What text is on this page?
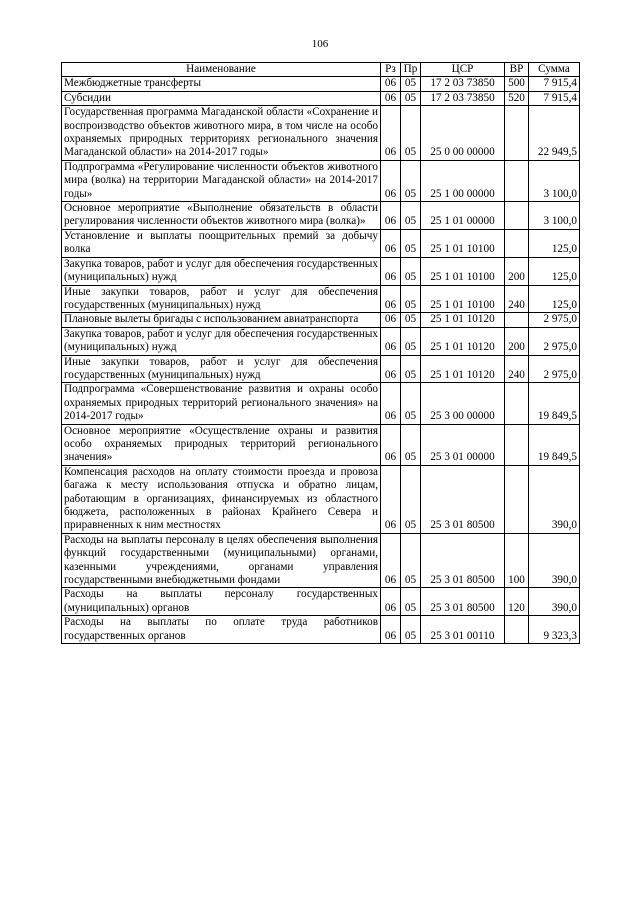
106
Наименование	Рз	Пр	ЦСР	ВР	Сумма
Межбюджетные трансферты	06	05	17 2 03 73850	500	7 915,4
Субсидии	06	05	17 2 03 73850	520	7 915,4
Государственная программа Магаданской области «Сохранение и воспроизводство объектов животного мира, в том числе на особо охраняемых природных территориях регионального значения Магаданской области» на 2014-2017 годы»	06	05	25 0 00 00000		22 949,5
Подпрограмма «Регулирование численности объектов животного мира (волка) на территории Магаданской области» на 2014-2017 годы»	06	05	25 1 00 00000		3 100,0
Основное мероприятие «Выполнение обязательств в области регулирования численности объектов животного мира (волка)»	06	05	25 1 01 00000		3 100,0
Установление и выплаты поощрительных премий за добычу волка	06	05	25 1 01 10100		125,0
Закупка товаров, работ и услуг для обеспечения государственных (муниципальных) нужд	06	05	25 1 01 10100	200	125,0
Иные закупки товаров, работ и услуг для обеспечения государственных (муниципальных) нужд	06	05	25 1 01 10100	240	125,0
Плановые вылеты бригады с использованием авиатранспорта	06	05	25 1 01 10120		2 975,0
Закупка товаров, работ и услуг для обеспечения государственных (муниципальных) нужд	06	05	25 1 01 10120	200	2 975,0
Иные закупки товаров, работ и услуг для обеспечения государственных (муниципальных) нужд	06	05	25 1 01 10120	240	2 975,0
Подпрограмма «Совершенствование развития и охраны особо охраняемых природных территорий регионального значения» на 2014-2017 годы»	06	05	25 3 00 00000		19 849,5
Основное мероприятие «Осуществление охраны и развития особо охраняемых природных территорий регионального значения»	06	05	25 3 01 00000		19 849,5
Компенсация расходов на оплату стоимости проезда и провоза багажа к месту использования отпуска и обратно лицам, работающим в организациях, финансируемых из областного бюджета, расположенных в районах Крайнего Севера и приравненных к ним местностях	06	05	25 3 01 80500		390,0
Расходы на выплаты персоналу в целях обеспечения выполнения функций государственными (муниципальными) органами, казенными учреждениями, органами управления государственными внебюджетными фондами	06	05	25 3 01 80500	100	390,0
Расходы на выплаты персоналу государственных (муниципальных) органов	06	05	25 3 01 80500	120	390,0
Расходы на выплаты по оплате труда работников государственных органов	06	05	25 3 01 00110		9 323,3
